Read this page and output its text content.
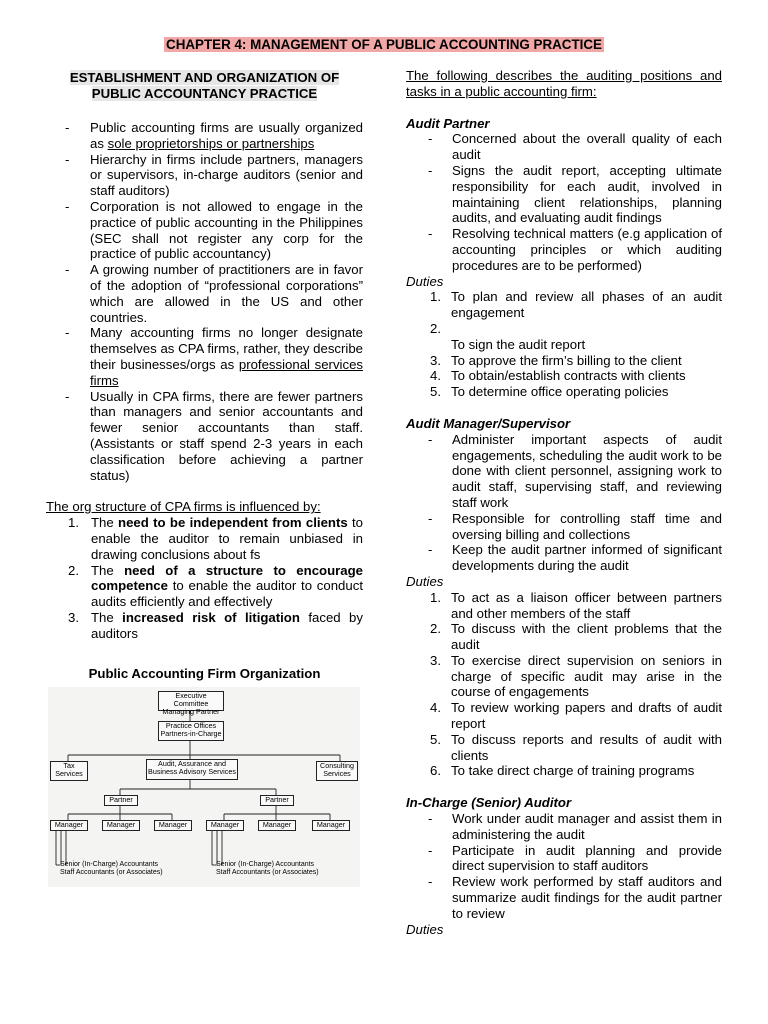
CHAPTER 4: MANAGEMENT OF A PUBLIC ACCOUNTING PRACTICE
ESTABLISHMENT AND ORGANIZATION OF
PUBLIC ACCOUNTANCY PRACTICE
- Public accounting firms are usually organized as sole proprietorships or partnerships
- Hierarchy in firms include partners, managers or supervisors, in-charge auditors (senior and staff auditors)
- Corporation is not allowed to engage in the practice of public accounting in the Philippines (SEC shall not register any corp for the practice of public accountancy)
- A growing number of practitioners are in favor of the adoption of “professional corporations” which are allowed in the US and other countries.
- Many accounting firms no longer designate themselves as CPA firms, rather, they describe their businesses/orgs as professional services firms
- Usually in CPA firms, there are fewer partners than managers and senior accountants and fewer senior accountants than staff. (Assistants or staff spend 2-3 years in each classification before achieving a partner status)
The org structure of CPA firms is influenced by:
1. The need to be independent from clients to enable the auditor to remain unbiased in drawing conclusions about fs
2. The need of a structure to encourage competence to enable the auditor to conduct audits efficiently and effectively
3. The increased risk of litigation faced by auditors
Public Accounting Firm Organization
Executive Committee
Managing Partner
Practice Offices
Partners-in-Charge
Tax
Services
Audit, Assurance and
Business Advisory Services
Consulting
Services
Partner	Partner
Manager	Manager	Manager	Manager	Manager	Manager
Senior (In-Charge) Accountants
Staff Accountants (or Associates)
Senior (In-Charge) Accountants
Staff Accountants (or Associates)
The following describes the auditing positions and tasks in a public accounting firm:
Audit Partner
- Concerned about the overall quality of each audit
- Signs the audit report, accepting ultimate responsibility for each audit, involved in maintaining client relationships, planning audits, and evaluating audit findings
- Resolving technical matters (e.g application of accounting principles or which auditing procedures are to be performed)
Duties
1. To plan and review all phases of an audit engagement
2.
To sign the audit report
3. To approve the firm’s billing to the client
4. To obtain/establish contracts with clients
5. To determine office operating policies
Audit Manager/Supervisor
- Administer important aspects of audit engagements, scheduling the audit work to be done with client personnel, assigning work to audit staff, supervising staff, and reviewing staff work
- Responsible for controlling staff time and oversing billing and collections
- Keep the audit partner informed of significant developments during the audit
Duties
1. To act as a liaison officer between partners and other members of the staff
2. To discuss with the client problems that the audit
3. To exercise direct supervision on seniors in charge of specific audit may arise in the course of engagements
4. To review working papers and drafts of audit report
5. To discuss reports and results of audit with clients
6. To take direct charge of training programs
In-Charge (Senior) Auditor
- Work under audit manager and assist them in administering the audit
- Participate in audit planning and provide direct supervision to staff auditors
- Review work performed by staff auditors and summarize audit findings for the audit partner to review
Duties
